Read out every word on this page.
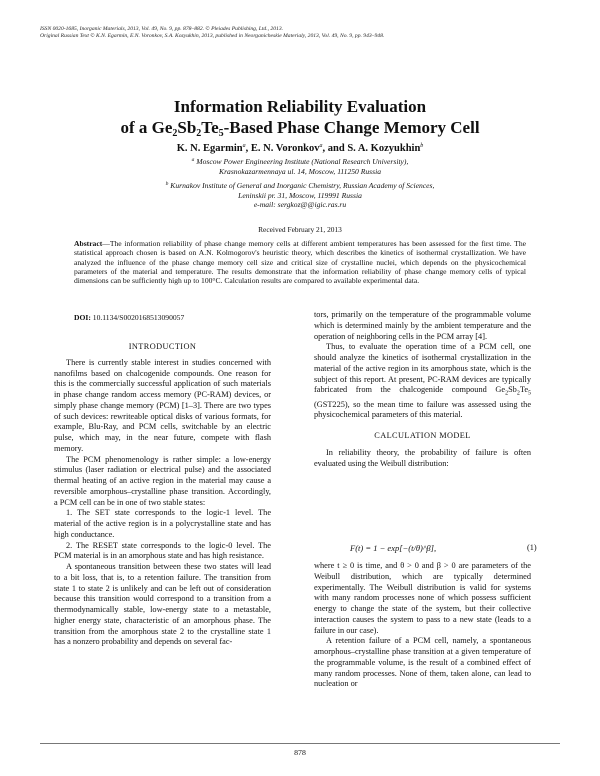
ISSN 0020-1685, Inorganic Materials, 2013, Vol. 49, No. 9, pp. 878–882. © Pleiades Publishing, Ltd., 2013.
Original Russian Text © K.N. Egarmin, E.N. Voronkov, S.A. Kozyukhin, 2013, published in Neorganicheskie Materialy, 2013, Vol. 49, No. 9, pp. 943–948.
Information Reliability Evaluation
of a $Ge_2Sb_2Te_5$-Based Phase Change Memory Cell
K. N. Egarmin$^a$, E. N. Voronkov$^a$, and S. A. Kozyukhin$^b$
$^a$ Moscow Power Engineering Institute (National Research University),
Krasnokazarmennaya ul. 14, Moscow, 111250 Russia
$^b$ Kurnakov Institute of General and Inorganic Chemistry, Russian Academy of Sciences,
Leninskii pr. 31, Moscow, 119991 Russia
e-mail: sergkoz@@igic.ras.ru
Received February 21, 2013
Abstract—The information reliability of phase change memory cells at different ambient temperatures has been assessed for the first time. The statistical approach chosen is based on A.N. Kolmogorov's heuristic theory, which describes the kinetics of isothermal crystallization. We have analyzed the influence of the phase change memory cell size and critical size of crystalline nuclei, which depends on the physicochemical parameters of the material and temperature. The results demonstrate that the information reliability of phase change memory cells of typical dimensions can be sufficiently high up to 100°C. Calculation results are compared to available experimental data.
DOI: 10.1134/S0020168513090057

INTRODUCTION

There is currently stable interest in studies concerned with nanofilms based on chalcogenide compounds. One reason for this is the commercially successful application of such materials in phase change random access memory (PC-RAM) devices, or simply phase change memory (PCM) [1–3]. There are two types of such devices: rewriteable optical disks of various formats, for example, Blu-Ray, and PCM cells, switchable by an electric pulse, which may, in the near future, compete with flash memory.

The PCM phenomenology is rather simple: a low-energy stimulus (laser radiation or electrical pulse) and the associated thermal heating of an active region in the material may cause a reversible amorphous–crystalline phase transition. Accordingly, a PCM cell can be in one of two stable states:

1. The SET state corresponds to the logic-1 level. The material of the active region is in a polycrystalline state and has high conductance.

2. The RESET state corresponds to the logic-0 level. The PCM material is in an amorphous state and has high resistance.

A spontaneous transition between these two states will lead to a bit loss, that is, to a retention failure. The transition from state 1 to state 2 is unlikely and can be left out of consideration because this transition would correspond to a transition from a thermodynamically stable, low-energy state to a metastable, higher energy state, characteristic of an amorphous phase. The transition from the amorphous state 2 to the crystalline state 1 has a nonzero probability and depends on several fac-

tors, primarily on the temperature of the programmable volume which is determined mainly by the ambient temperature and the operation of neighboring cells in the PCM array [4].

Thus, to evaluate the operation time of a PCM cell, one should analyze the kinetics of isothermal crystallization in the material of the active region in its amorphous state, which is the subject of this report. At present, PC-RAM devices are typically fabricated from the chalcogenide compound $Ge_2Sb_2Te_5$ (GST225), so the mean time to failure was assessed using the physicochemical parameters of this material.

CALCULATION MODEL

In reliability theory, the probability of failure is often evaluated using the Weibull distribution:

F(t) = 1 − exp[−(t/θ)^β],	(1)

where t ≥ 0 is time, and θ > 0 and β > 0 are parameters of the Weibull distribution, which are typically determined experimentally. The Weibull distribution is valid for systems with many random processes none of which possess sufficient energy to change the state of the system, but their collective interaction causes the system to pass to a new state (leads to a failure in our case).

A retention failure of a PCM cell, namely, a spontaneous amorphous–crystalline phase transition at a given temperature of the programmable volume, is the result of a combined effect of many random processes. None of them, taken alone, can lead to nucleation or

878
